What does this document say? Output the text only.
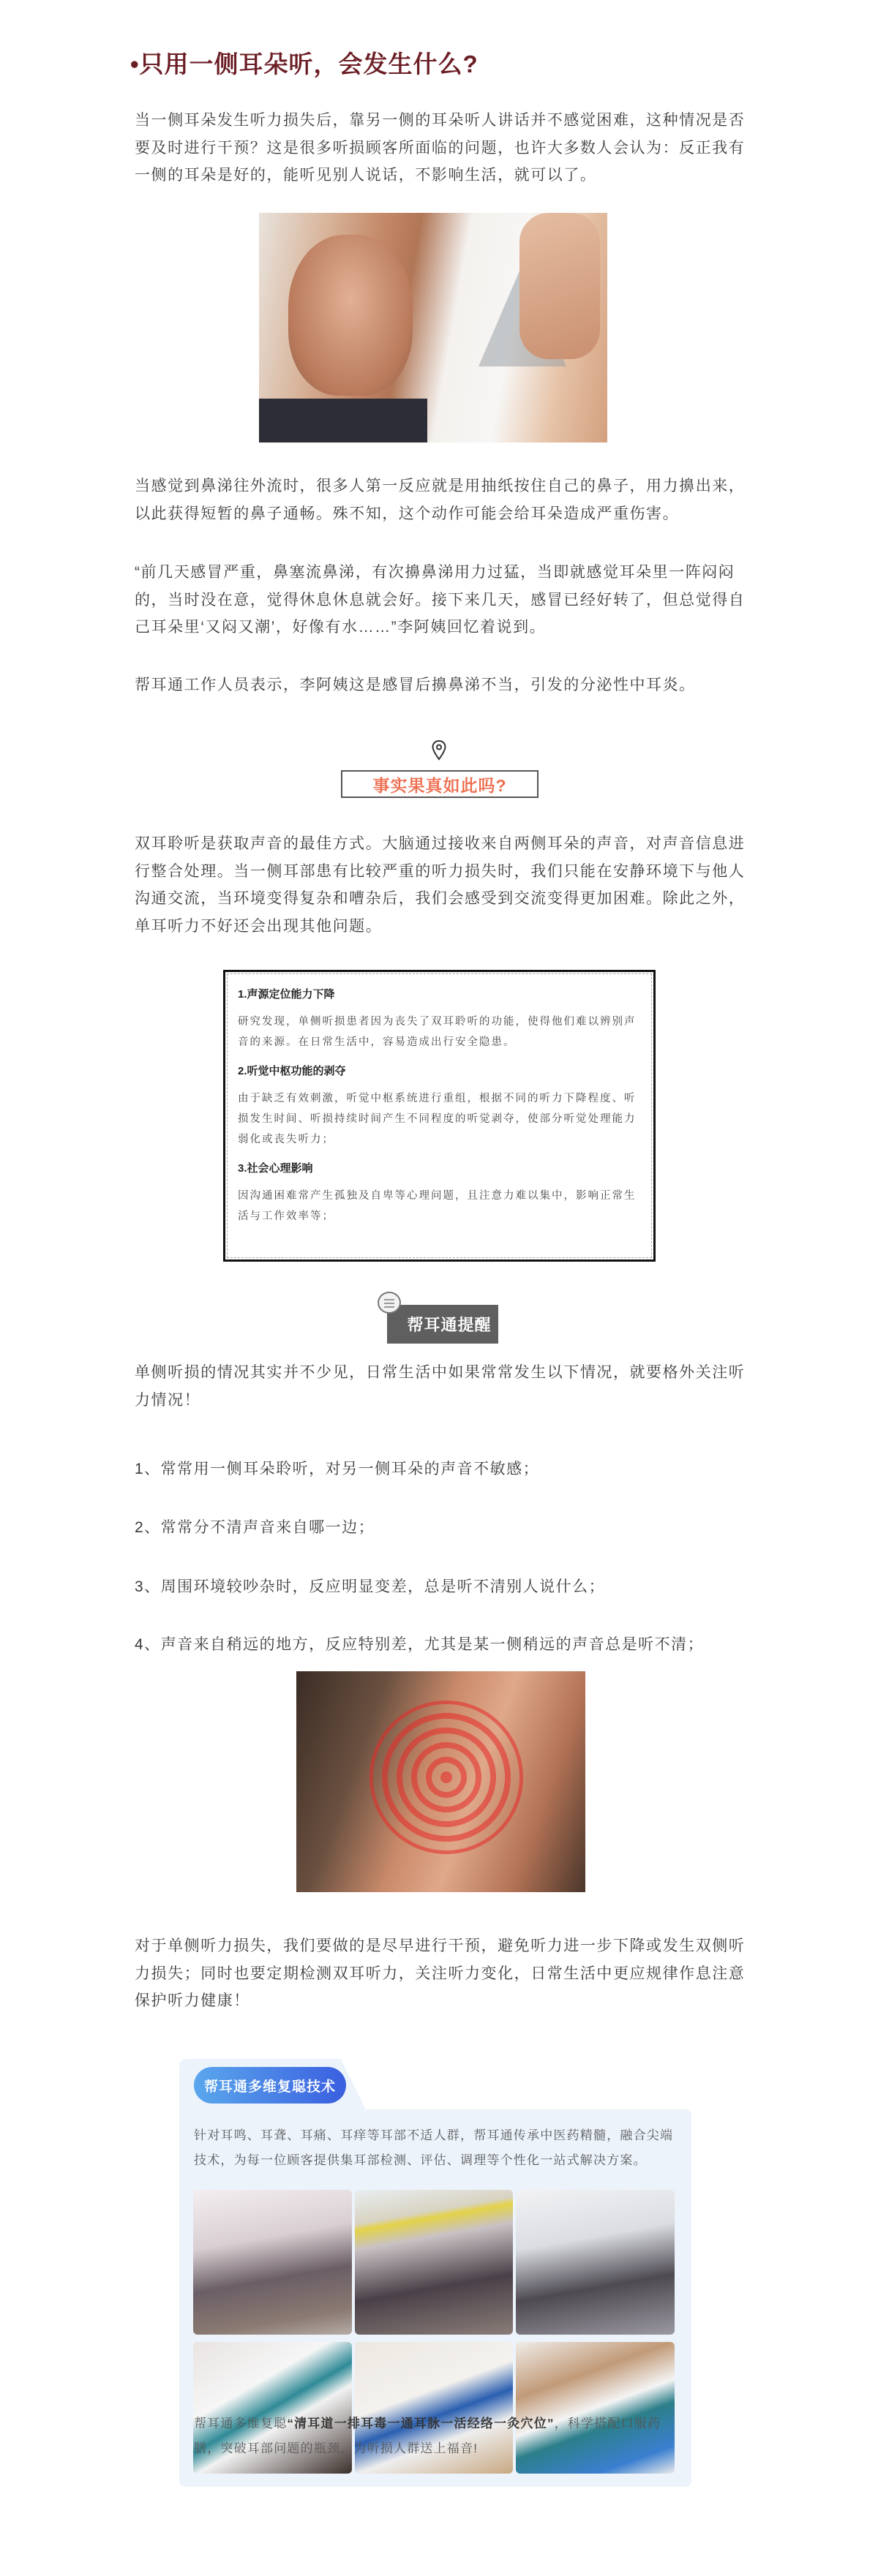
•只用一侧耳朵听，会发生什么?
当一侧耳朵发生听力损失后，靠另一侧的耳朵听人讲话并不感觉困难，这种情况是否要及时进行干预？这是很多听损顾客所面临的问题，也许大多数人会认为：反正我有一侧的耳朵是好的，能听见别人说话，不影响生活，就可以了。
当感觉到鼻涕往外流时，很多人第一反应就是用抽纸按住自己的鼻子，用力擤出来，以此获得短暂的鼻子通畅。殊不知，这个动作可能会给耳朵造成严重伤害。
“前几天感冒严重，鼻塞流鼻涕，有次擤鼻涕用力过猛，当即就感觉耳朵里一阵闷闷的，当时没在意，觉得休息休息就会好。接下来几天，感冒已经好转了，但总觉得自己耳朵里‘又闷又潮’，好像有水……”李阿姨回忆着说到。
帮耳通工作人员表示，李阿姨这是感冒后擤鼻涕不当，引发的分泌性中耳炎。
事实果真如此吗?
双耳聆听是获取声音的最佳方式。大脑通过接收来自两侧耳朵的声音，对声音信息进行整合处理。当一侧耳部患有比较严重的听力损失时，我们只能在安静环境下与他人沟通交流，当环境变得复杂和嘈杂后，我们会感受到交流变得更加困难。除此之外，单耳听力不好还会出现其他问题。
1.声源定位能力下降
研究发现，单侧听损患者因为丧失了双耳聆听的功能，使得他们难以辨别声音的来源。在日常生活中，容易造成出行安全隐患。
2.听觉中枢功能的剥夺
由于缺乏有效刺激，听觉中枢系统进行重组，根据不同的听力下降程度、听损发生时间、听损持续时间产生不同程度的听觉剥夺，使部分听觉处理能力弱化或丧失听力；
3.社会心理影响
因沟通困难常产生孤独及自卑等心理问题，且注意力难以集中，影响正常生活与工作效率等；
帮耳通提醒
单侧听损的情况其实并不少见，日常生活中如果常常发生以下情况，就要格外关注听力情况！
1、常常用一侧耳朵聆听，对另一侧耳朵的声音不敏感；
2、常常分不清声音来自哪一边；
3、周围环境较吵杂时，反应明显变差，总是听不清别人说什么；
4、声音来自稍远的地方，反应特别差，尤其是某一侧稍远的声音总是听不清；
对于单侧听力损失，我们要做的是尽早进行干预，避免听力进一步下降或发生双侧听力损失；同时也要定期检测双耳听力，关注听力变化，日常生活中更应规律作息注意保护听力健康！
帮耳通多维复聪技术
针对耳鸣、耳聋、耳痛、耳痒等耳部不适人群，帮耳通传承中医药精髓，融合尖端技术，为每一位顾客提供集耳部检测、评估、调理等个性化一站式解决方案。
帮耳通多维复聪“清耳道一排耳毒一通耳脉一活经络一灸穴位”，科学搭配口服药膳，突破耳部问题的瓶颈，为听损人群送上福音!
